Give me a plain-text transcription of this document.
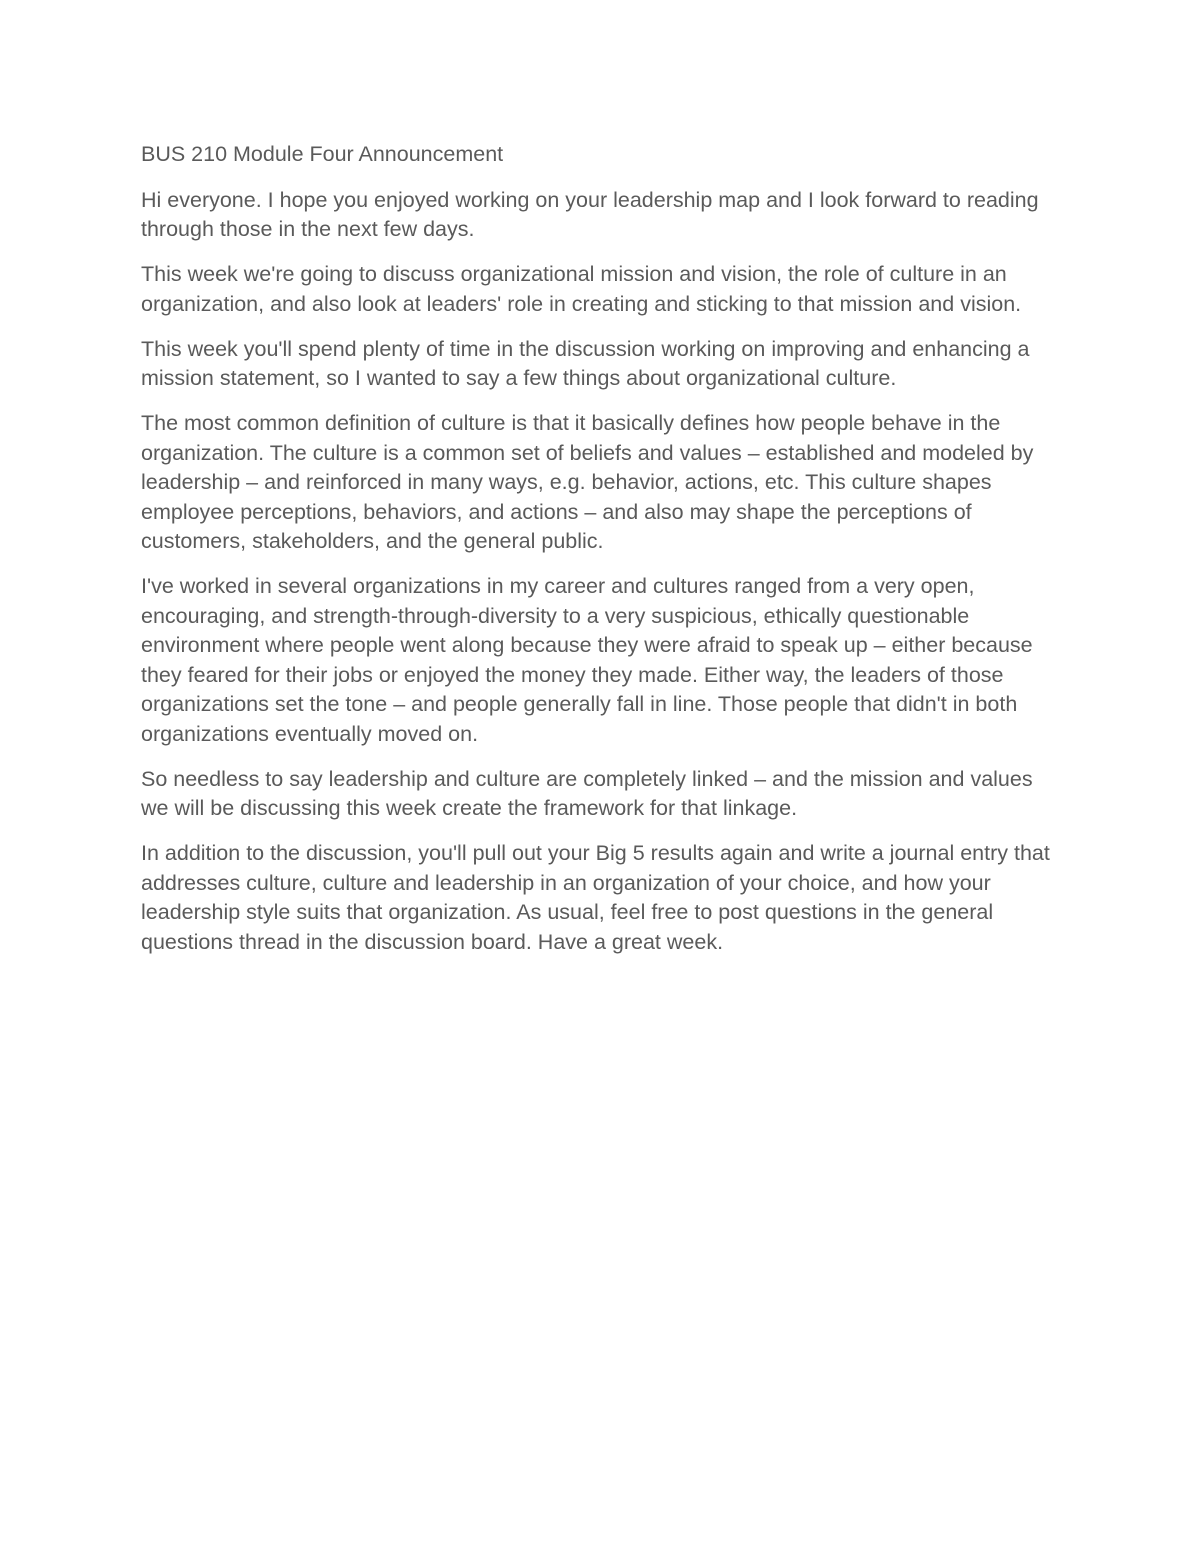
BUS 210 Module Four Announcement

Hi everyone. I hope you enjoyed working on your leadership map and I look forward to reading through those in the next few days.

This week we're going to discuss organizational mission and vision, the role of culture in an organization, and also look at leaders' role in creating and sticking to that mission and vision.

This week you'll spend plenty of time in the discussion working on improving and enhancing a mission statement, so I wanted to say a few things about organizational culture.

The most common definition of culture is that it basically defines how people behave in the organization. The culture is a common set of beliefs and values – established and modeled by leadership – and reinforced in many ways, e.g. behavior, actions, etc. This culture shapes employee perceptions, behaviors, and actions – and also may shape the perceptions of customers, stakeholders, and the general public.

I've worked in several organizations in my career and cultures ranged from a very open, encouraging, and strength-through-diversity to a very suspicious, ethically questionable environment where people went along because they were afraid to speak up – either because they feared for their jobs or enjoyed the money they made. Either way, the leaders of those organizations set the tone – and people generally fall in line. Those people that didn't in both organizations eventually moved on.

So needless to say leadership and culture are completely linked – and the mission and values we will be discussing this week create the framework for that linkage.

In addition to the discussion, you'll pull out your Big 5 results again and write a journal entry that addresses culture, culture and leadership in an organization of your choice, and how your leadership style suits that organization. As usual, feel free to post questions in the general questions thread in the discussion board. Have a great week.
